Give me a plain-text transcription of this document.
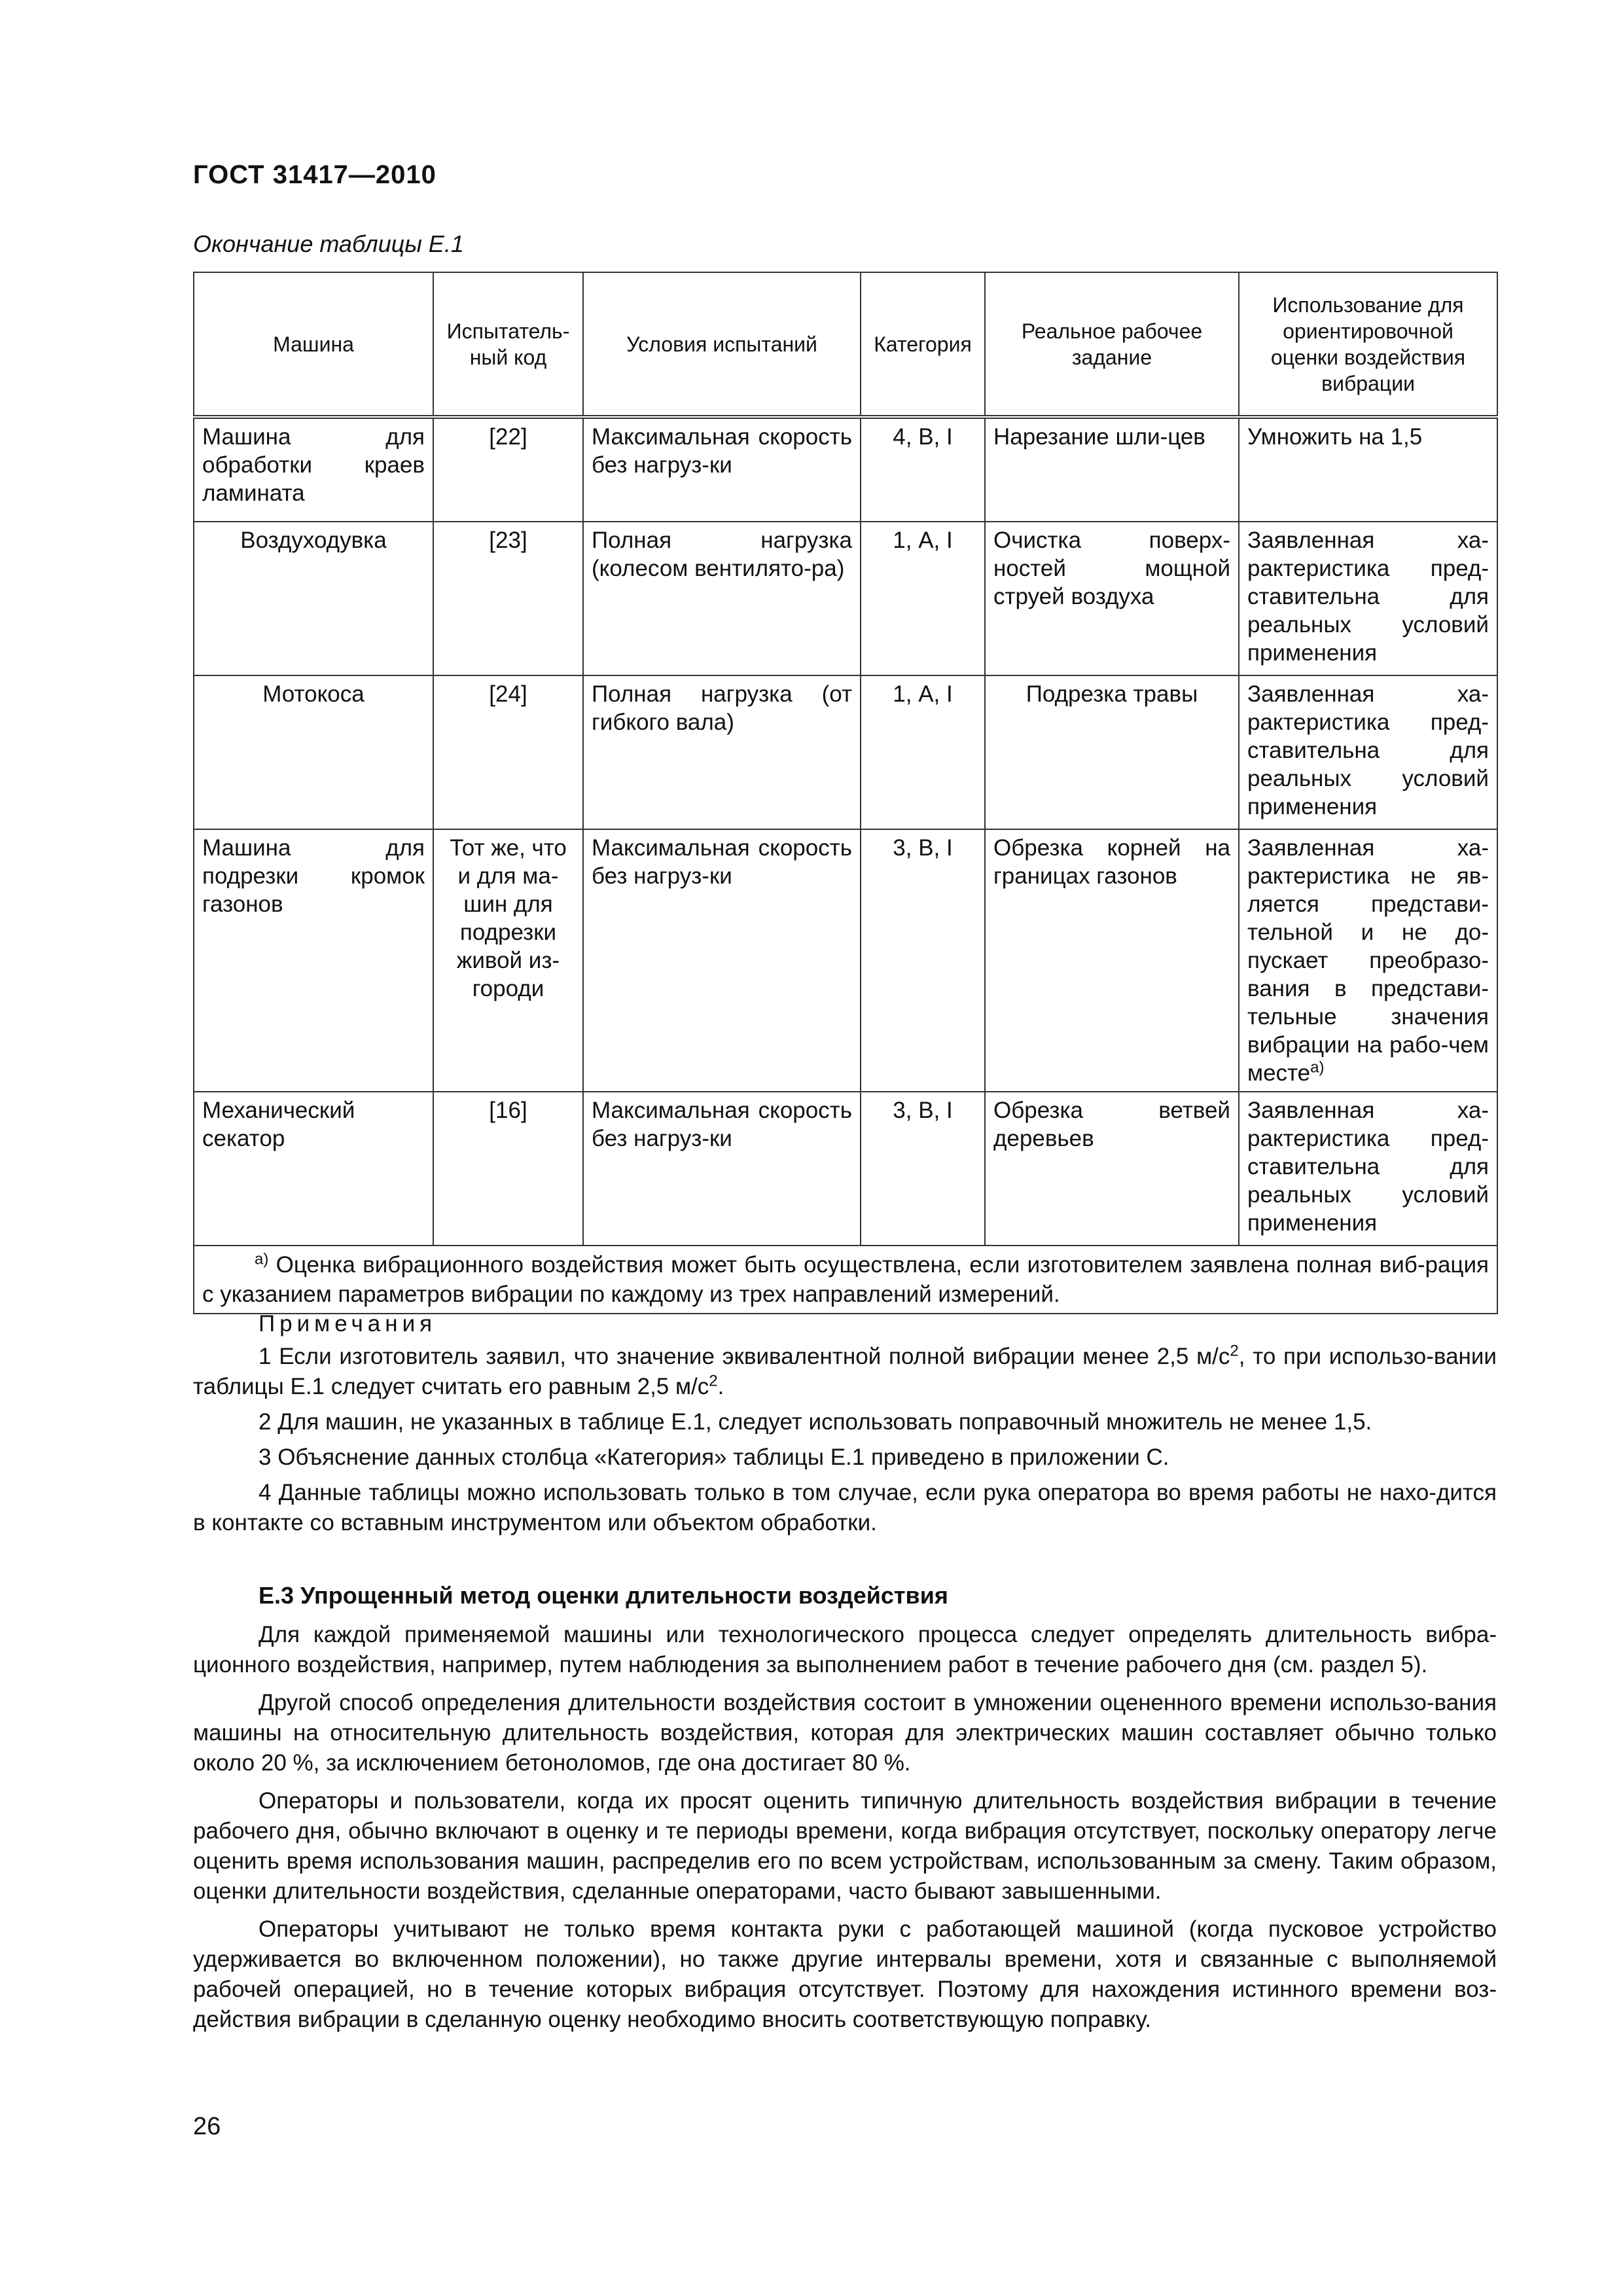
ГОСТ 31417—2010
Окончание таблицы Е.1
Машина	Испытатель-ный код	Условия испытаний	Категория	Реальное рабочее задание	Использование для ориентировочной оценки воздействия вибрации
Машина для обработки краев ламината	[22]	Максимальная скорость без нагруз-ки	4, В, I	Нарезание шли-цев	Умножить на 1,5
Воздуходувка	[23]	Полная нагрузка (колесом вентилято-ра)	1, А, I	Очистка поверх-ностей мощной струей воздуха	Заявленная ха-рактеристика пред-ставительна для реальных условий применения
Мотокоса	[24]	Полная нагрузка (от гибкого вала)	1, А, I	Подрезка травы	Заявленная ха-рактеристика пред-ставительна для реальных условий применения
Машина для подрезки кромок газонов	Тот же, что и для ма-шин для подрезки живой из-городи	Максимальная скорость без нагруз-ки	3, В, I	Обрезка корней на границах газонов	Заявленная ха-рактеристика не яв-ляется представи-тельной и не до-пускает преобразо-вания в представи-тельные значения вибрации на рабо-чем месте$^{а)}$
Механический секатор	[16]	Максимальная скорость без нагруз-ки	3, В, I	Обрезка ветвей деревьев	Заявленная ха-рактеристика пред-ставительна для реальных условий применения
$^{а)}$ Оценка вибрационного воздействия может быть осуществлена, если изготовителем заявлена полная виб-рация с указанием параметров вибрации по каждому из трех направлений измерений.					
Примечания

1 Если изготовитель заявил, что значение эквивалентной полной вибрации менее 2,5 $м/с^2$, то при использо-вании таблицы Е.1 следует считать его равным 2,5 $м/с^2$.

2 Для машин, не указанных в таблице Е.1, следует использовать поправочный множитель не менее 1,5.

3 Объяснение данных столбца «Категория» таблицы Е.1 приведено в приложении С.

4 Данные таблицы можно использовать только в том случае, если рука оператора во время работы не нахо-дится в контакте со вставным инструментом или объектом обработки.

Е.3 Упрощенный метод оценки длительности воздействия

Для каждой применяемой машины или технологического процесса следует определять длительность вибра-ционного воздействия, например, путем наблюдения за выполнением работ в течение рабочего дня (см. раздел 5).

Другой способ определения длительности воздействия состоит в умножении оцененного времени использо-вания машины на относительную длительность воздействия, которая для электрических машин составляет обычно только около 20 %, за исключением бетоноломов, где она достигает 80 %.

Операторы и пользователи, когда их просят оценить типичную длительность воздействия вибрации в течение рабочего дня, обычно включают в оценку и те периоды времени, когда вибрация отсутствует, поскольку оператору легче оценить время использования машин, распределив его по всем устройствам, использованным за смену. Таким образом, оценки длительности воздействия, сделанные операторами, часто бывают завышенными.

Операторы учитывают не только время контакта руки с работающей машиной (когда пусковое устройство удерживается во включенном положении), но также другие интервалы времени, хотя и связанные с выполняемой рабочей операцией, но в течение которых вибрация отсутствует. Поэтому для нахождения истинного времени воз-действия вибрации в сделанную оценку необходимо вносить соответствующую поправку.

26
